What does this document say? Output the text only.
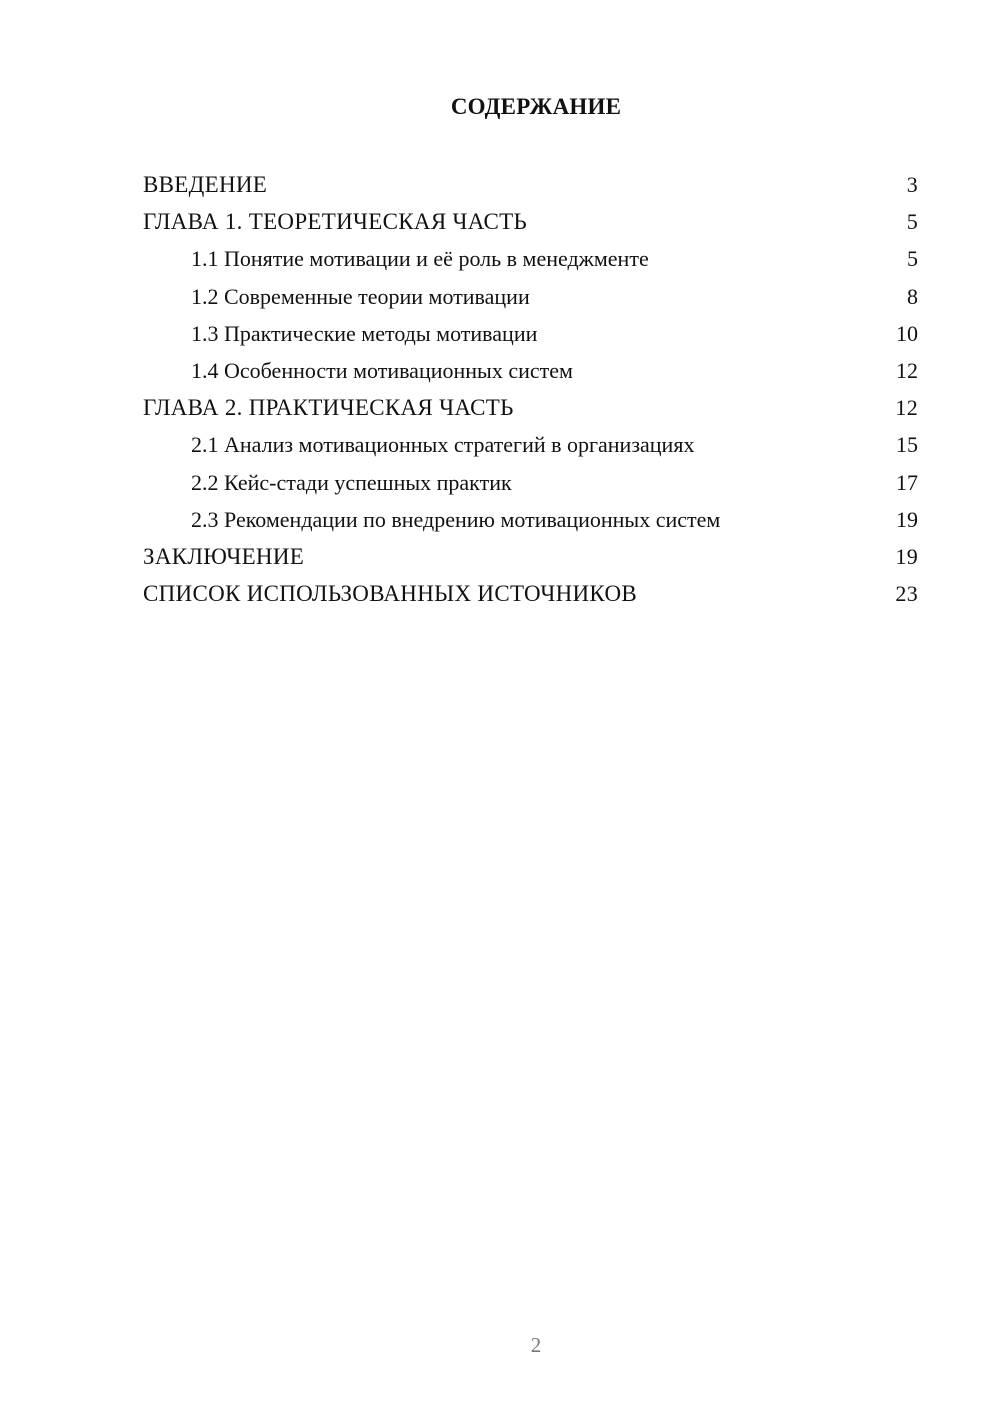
СОДЕРЖАНИЕ
ВВЕДЕНИЕ	3
ГЛАВА 1. ТЕОРЕТИЧЕСКАЯ ЧАСТЬ	5
1.1 Понятие мотивации и её роль в менеджменте	5
1.2 Современные теории мотивации	8
1.3 Практические методы мотивации	10
1.4 Особенности мотивационных систем	12
ГЛАВА 2. ПРАКТИЧЕСКАЯ ЧАСТЬ	12
2.1 Анализ мотивационных стратегий в организациях	15
2.2 Кейс-стади успешных практик	17
2.3 Рекомендации по внедрению мотивационных систем	19
ЗАКЛЮЧЕНИЕ	19
СПИСОК ИСПОЛЬЗОВАННЫХ ИСТОЧНИКОВ	23
2
